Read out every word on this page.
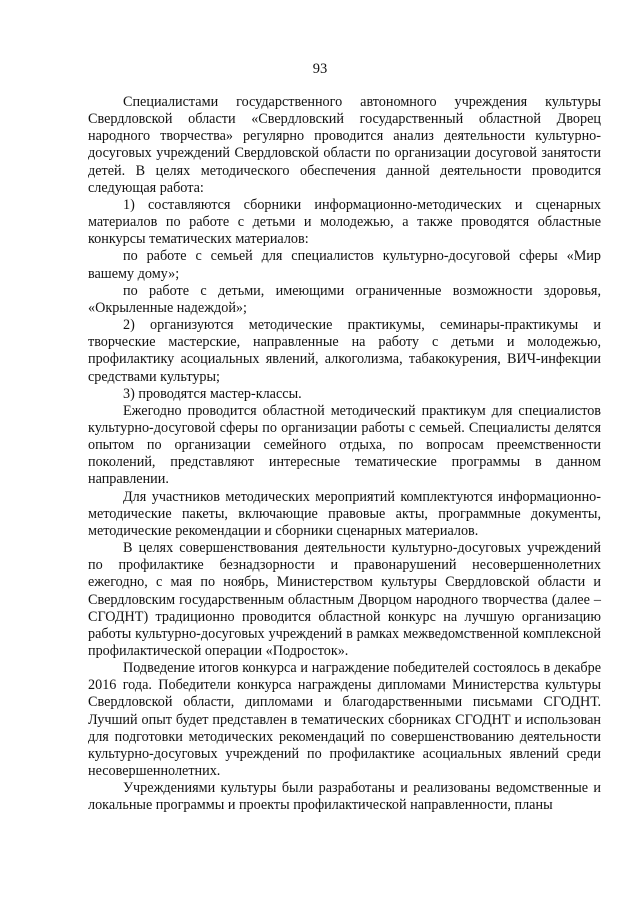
93

Специалистами государственного автономного учреждения культуры Свердловской области «Свердловский государственный областной Дворец народного творчества» регулярно проводится анализ деятельности культурно-досуговых учреждений Свердловской области по организации досуговой занятости детей. В целях методического обеспечения данной деятельности проводится следующая работа:

1) составляются сборники информационно-методических и сценарных материалов по работе с детьми и молодежью, а также проводятся областные конкурсы тематических материалов:

по работе с семьей для специалистов культурно-досуговой сферы «Мир вашему дому»;

по работе с детьми, имеющими ограниченные возможности здоровья, «Окрыленные надеждой»;

2) организуются методические практикумы, семинары-практикумы и творческие мастерские, направленные на работу с детьми и молодежью, профилактику асоциальных явлений, алкоголизма, табакокурения, ВИЧ-инфекции средствами культуры;

3) проводятся мастер-классы.

Ежегодно проводится областной методический практикум для специалистов культурно-досуговой сферы по организации работы с семьей. Специалисты делятся опытом по организации семейного отдыха, по вопросам преемственности поколений, представляют интересные тематические программы в данном направлении.

Для участников методических мероприятий комплектуются информационно-методические пакеты, включающие правовые акты, программные документы, методические рекомендации и сборники сценарных материалов.

В целях совершенствования деятельности культурно-досуговых учреждений по профилактике безнадзорности и правонарушений несовершеннолетних ежегодно, с мая по ноябрь, Министерством культуры Свердловской области и Свердловским государственным областным Дворцом народного творчества (далее – СГОДНТ) традиционно проводится областной конкурс на лучшую организацию работы культурно-досуговых учреждений в рамках межведомственной комплексной профилактической операции «Подросток».

Подведение итогов конкурса и награждение победителей состоялось в декабре 2016 года. Победители конкурса награждены дипломами Министерства культуры Свердловской области, дипломами и благодарственными письмами СГОДНТ. Лучший опыт будет представлен в тематических сборниках СГОДНТ и использован для подготовки методических рекомендаций по совершенствованию деятельности культурно-досуговых учреждений по профилактике асоциальных явлений среди несовершеннолетних.

Учреждениями культуры были разработаны и реализованы ведомственные и локальные программы и проекты профилактической направленности, планы
